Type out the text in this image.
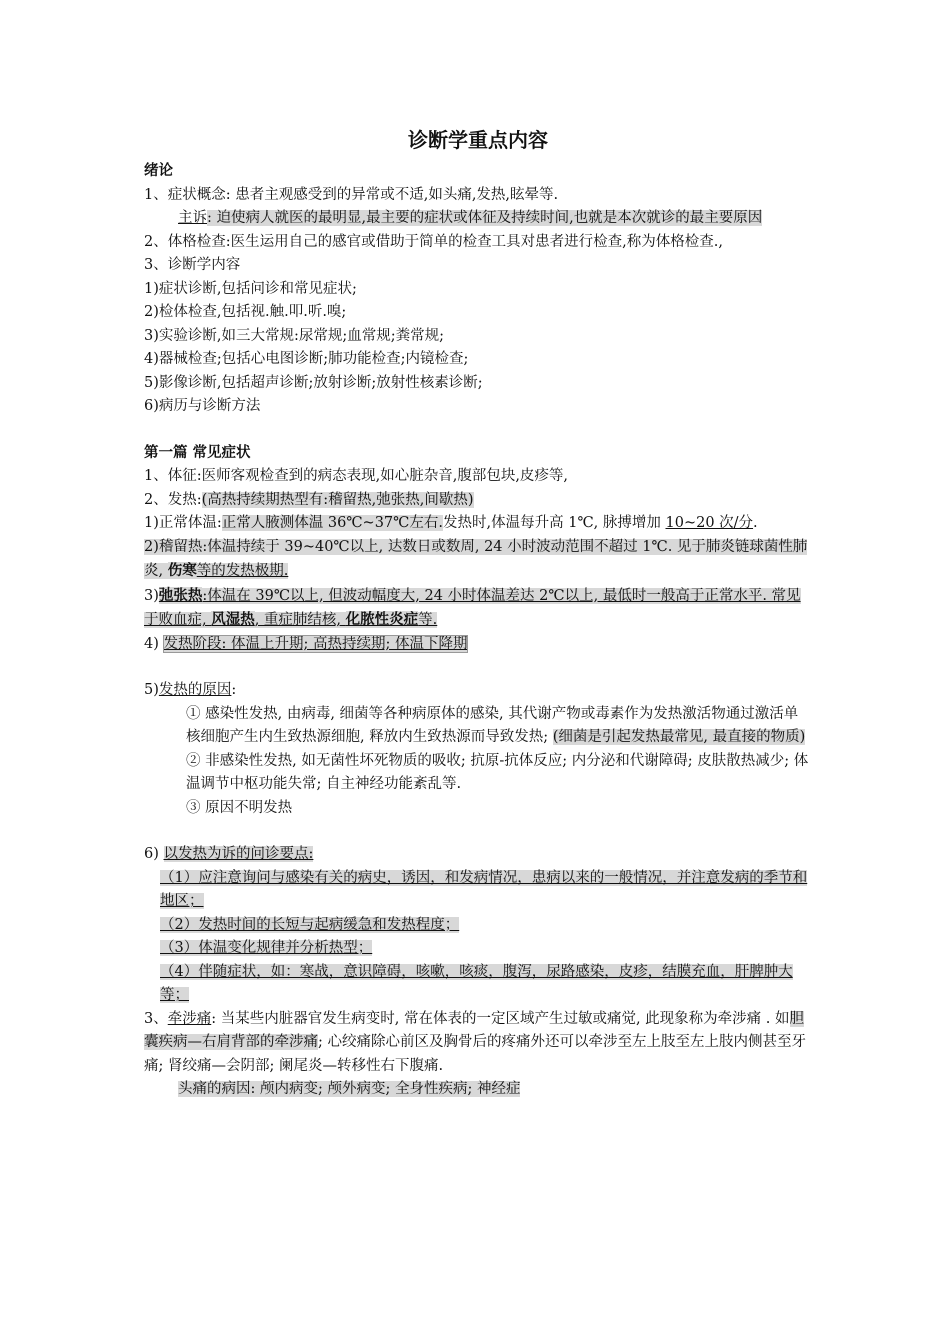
诊断学重点内容
绪论
1、症状概念: 患者主观感受到的异常或不适,如头痛,发热,眩晕等.
主诉: 迫使病人就医的最明显,最主要的症状或体征及持续时间,也就是本次就诊的最主要原因
2、体格检查:医生运用自己的感官或借助于简单的检查工具对患者进行检查,称为体格检查.,
3、诊断学内容
1)症状诊断,包括问诊和常见症状;
2)检体检查,包括视.触.叩.听.嗅;
3)实验诊断,如三大常规:尿常规;血常规;粪常规;
4)器械检查;包括心电图诊断;肺功能检查;内镜检查;
5)影像诊断,包括超声诊断;放射诊断;放射性核素诊断;
6)病历与诊断方法
第一篇 常见症状
1、体征:医师客观检查到的病态表现,如心脏杂音,腹部包块,皮疹等,
2、发热:(高热持续期热型有:稽留热,弛张热,间歇热)
1)正常体温:正常人腋测体温 36℃~37℃左右.发热时,体温每升高 1℃, 脉搏增加 10~20 次/分.
2)稽留热:体温持续于 39~40℃以上, 达数日或数周, 24 小时波动范围不超过 1℃. 见于肺炎链球菌性肺炎, 伤寒等的发热极期.
3)弛张热:体温在 39℃以上, 但波动幅度大, 24 小时体温差达 2℃以上, 最低时一般高于正常水平. 常见于败血症, 风湿热, 重症肺结核, 化脓性炎症等.
4) 发热阶段: 体温上升期; 高热持续期; 体温下降期
5)发热的原因:
① 感染性发热, 由病毒, 细菌等各种病原体的感染, 其代谢产物或毒素作为发热激活物通过激活单核细胞产生内生致热源细胞, 释放内生致热源而导致发热; (细菌是引起发热最常见, 最直接的物质)
② 非感染性发热, 如无菌性坏死物质的吸收; 抗原-抗体反应; 内分泌和代谢障碍; 皮肤散热减少; 体温调节中枢功能失常; 自主神经功能紊乱等.
③ 原因不明发热
6) 以发热为诉的问诊要点:
（1）应注意询问与感染有关的病史，诱因，和发病情况，患病以来的一般情况，并注意发病的季节和地区；
（2）发热时间的长短与起病缓急和发热程度；
（3）体温变化规律并分析热型；
（4）伴随症状，如：寒战，意识障碍，咳嗽，咳痰，腹泻，尿路感染，皮疹，结膜充血，肝脾肿大等；
3、牵涉痛: 当某些内脏器官发生病变时, 常在体表的一定区域产生过敏或痛觉, 此现象称为牵涉痛 . 如胆囊疾病—右肩背部的牵涉痛; 心绞痛除心前区及胸骨后的疼痛外还可以牵涉至左上肢至左上肢内侧甚至牙痛; 肾绞痛—会阴部; 阑尾炎—转移性右下腹痛.
头痛的病因: 颅内病变; 颅外病变; 全身性疾病; 神经症
